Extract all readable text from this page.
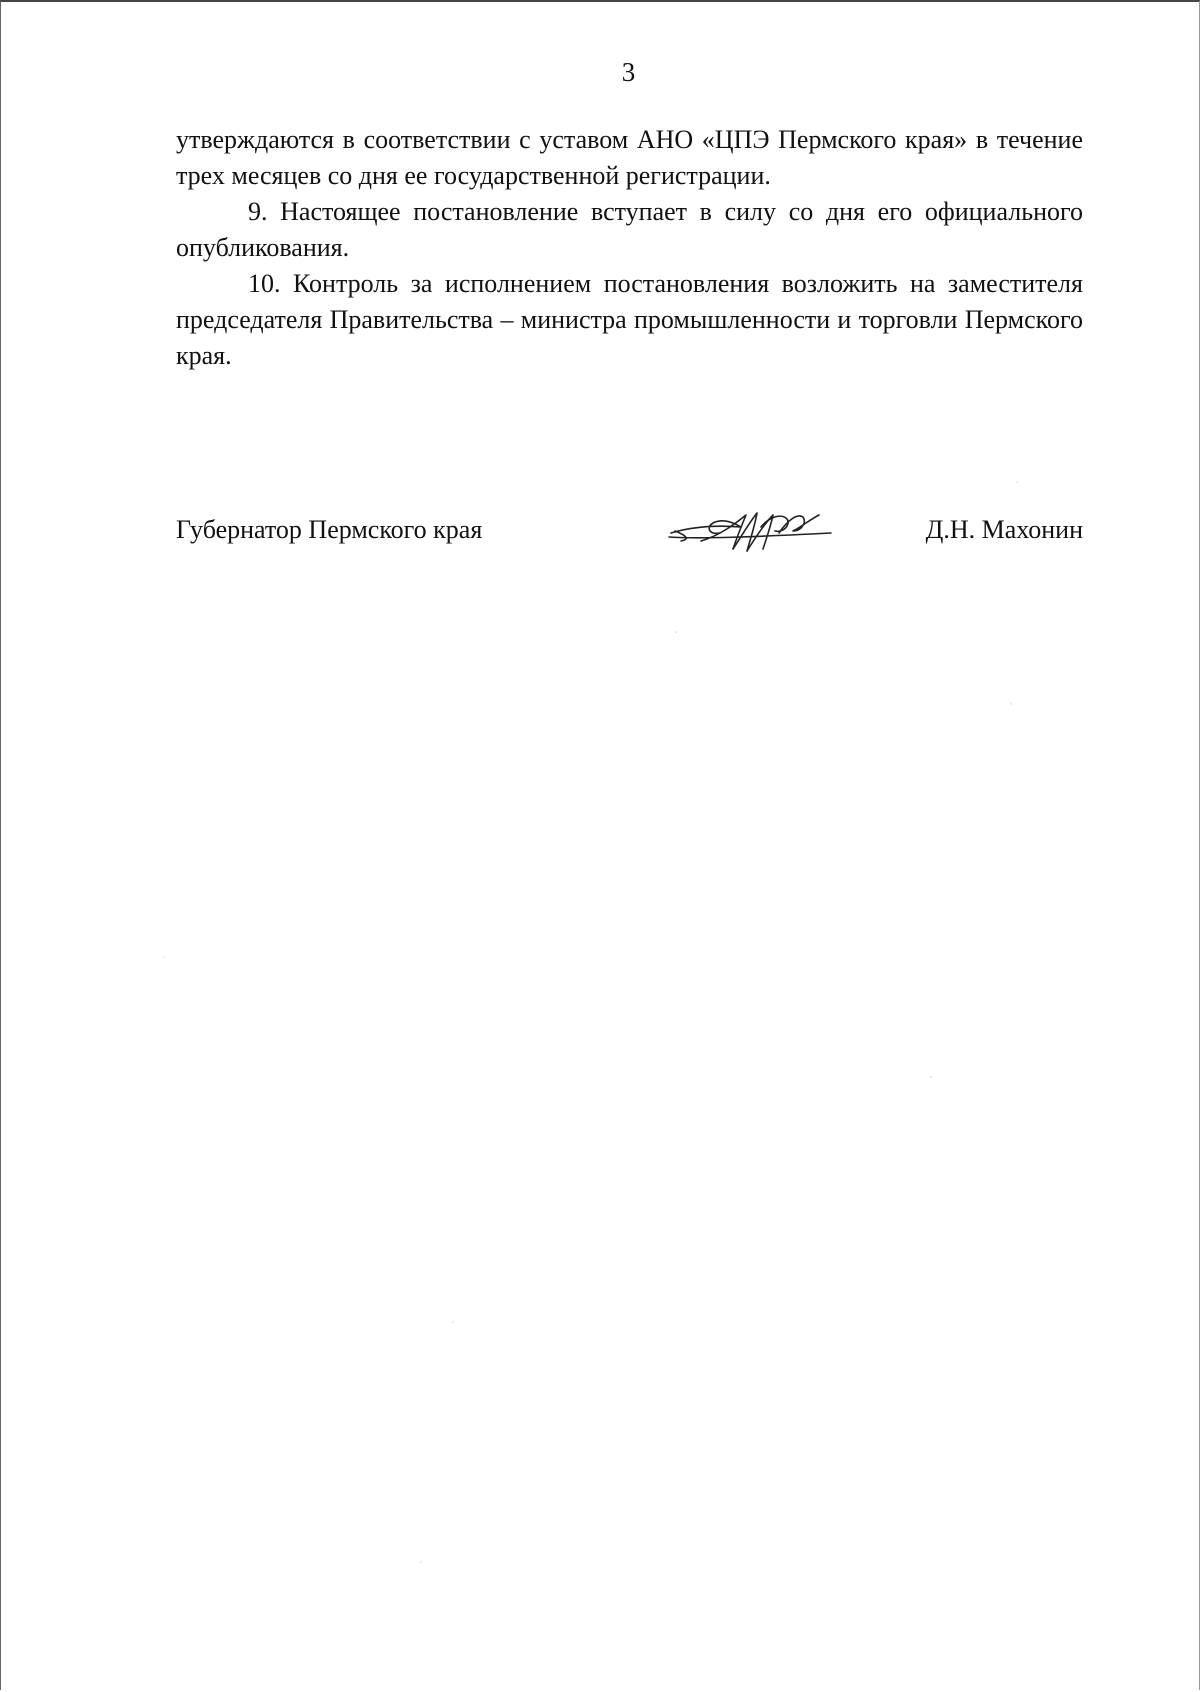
3

утверждаются в соответствии с уставом АНО «ЦПЭ Пермского края» в течение трех месяцев со дня ее государственной регистрации.

9. Настоящее постановление вступает в силу со дня его официального опубликования.

10. Контроль за исполнением постановления возложить на заместителя председателя Правительства – министра промышленности и торговли Пермского края.

Губернатор Пермского края	Д.Н. Махонин
